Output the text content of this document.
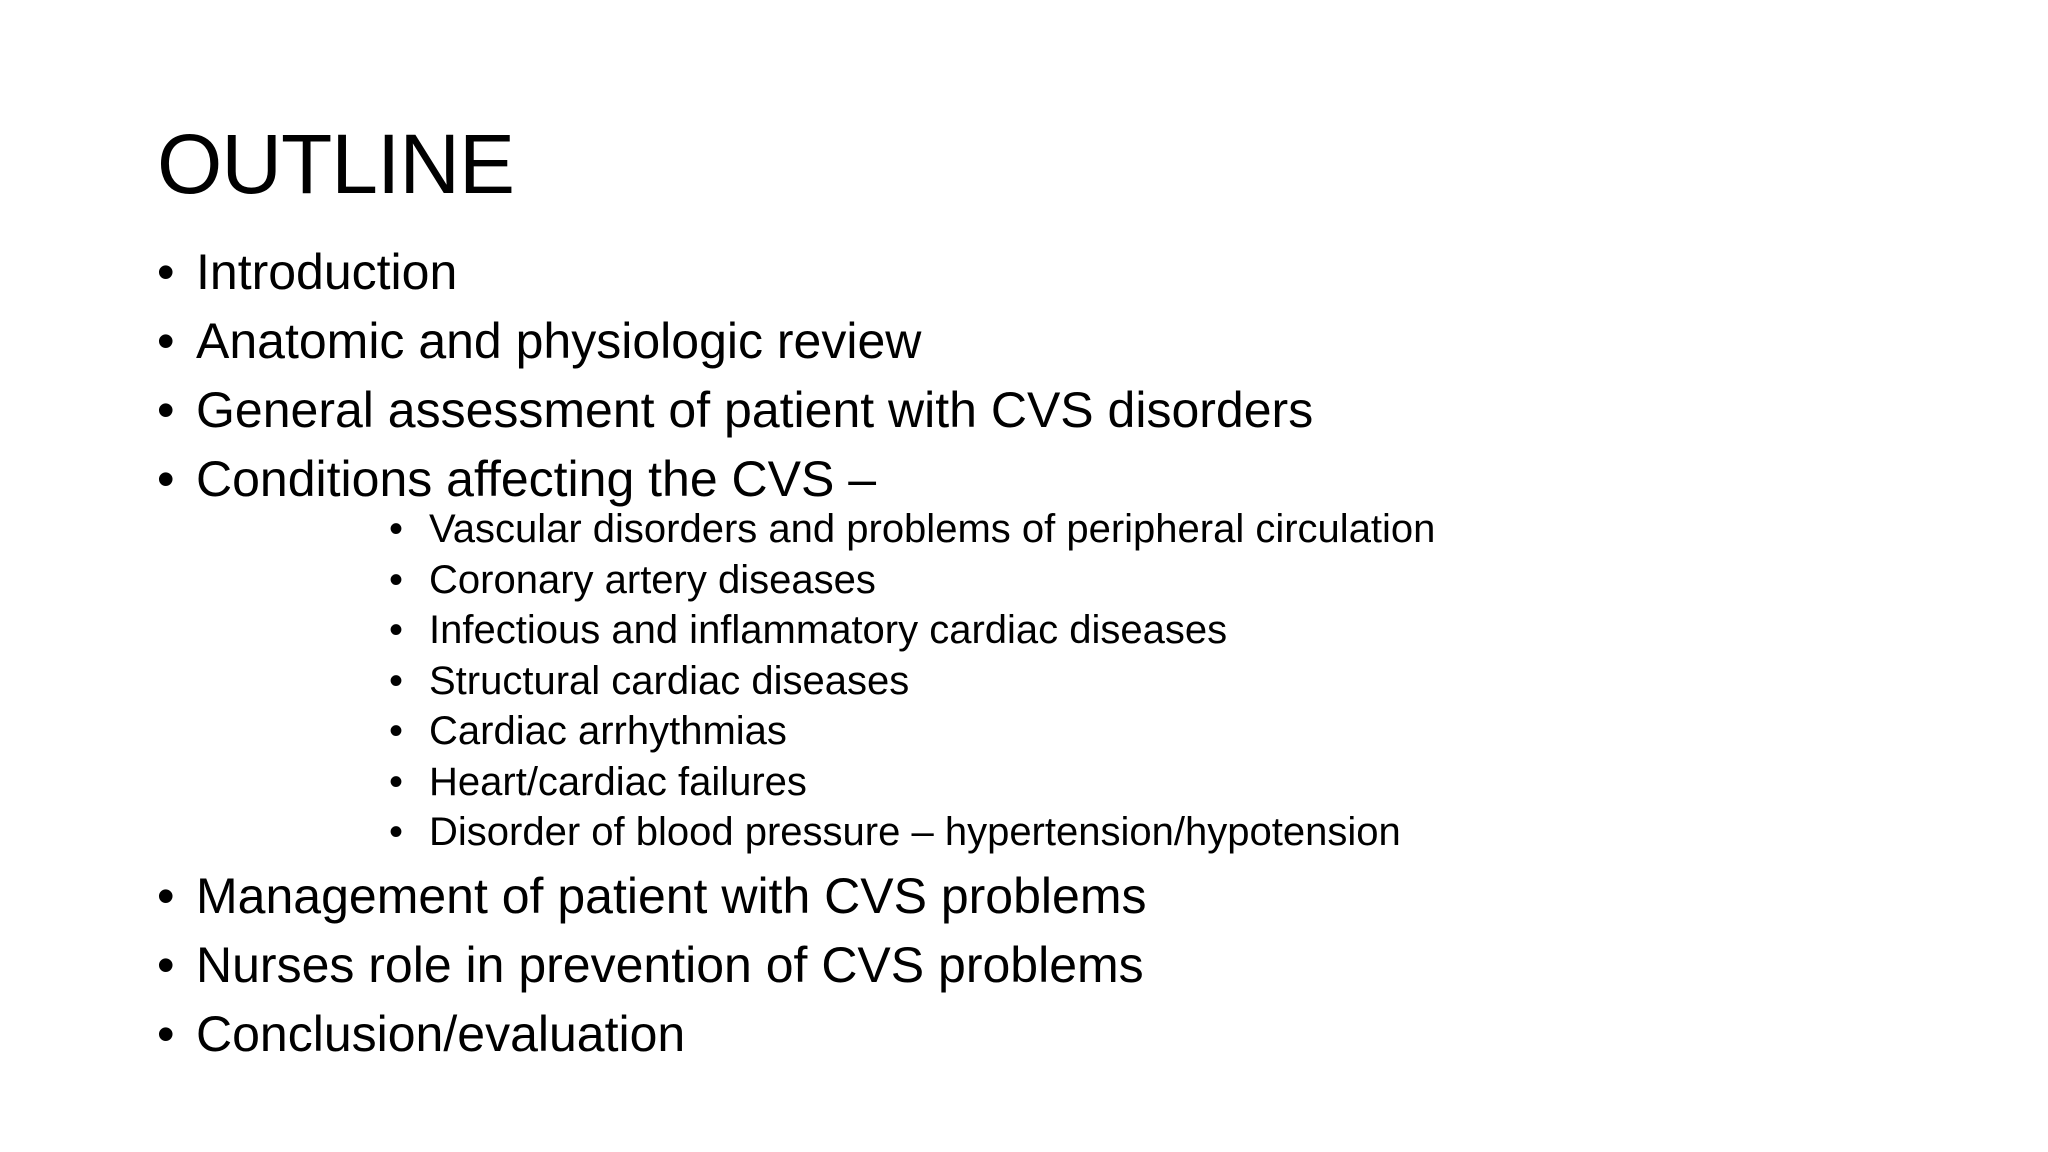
OUTLINE
• Introduction
• Anatomic and physiologic review
• General assessment of patient with CVS disorders
• Conditions affecting the CVS –
• Vascular disorders and problems of peripheral circulation
• Coronary artery diseases
• Infectious and inflammatory cardiac diseases
• Structural cardiac diseases
• Cardiac arrhythmias
• Heart/cardiac failures
• Disorder of blood pressure – hypertension/hypotension
• Management of patient with CVS problems
• Nurses role in prevention of CVS problems
• Conclusion/evaluation
